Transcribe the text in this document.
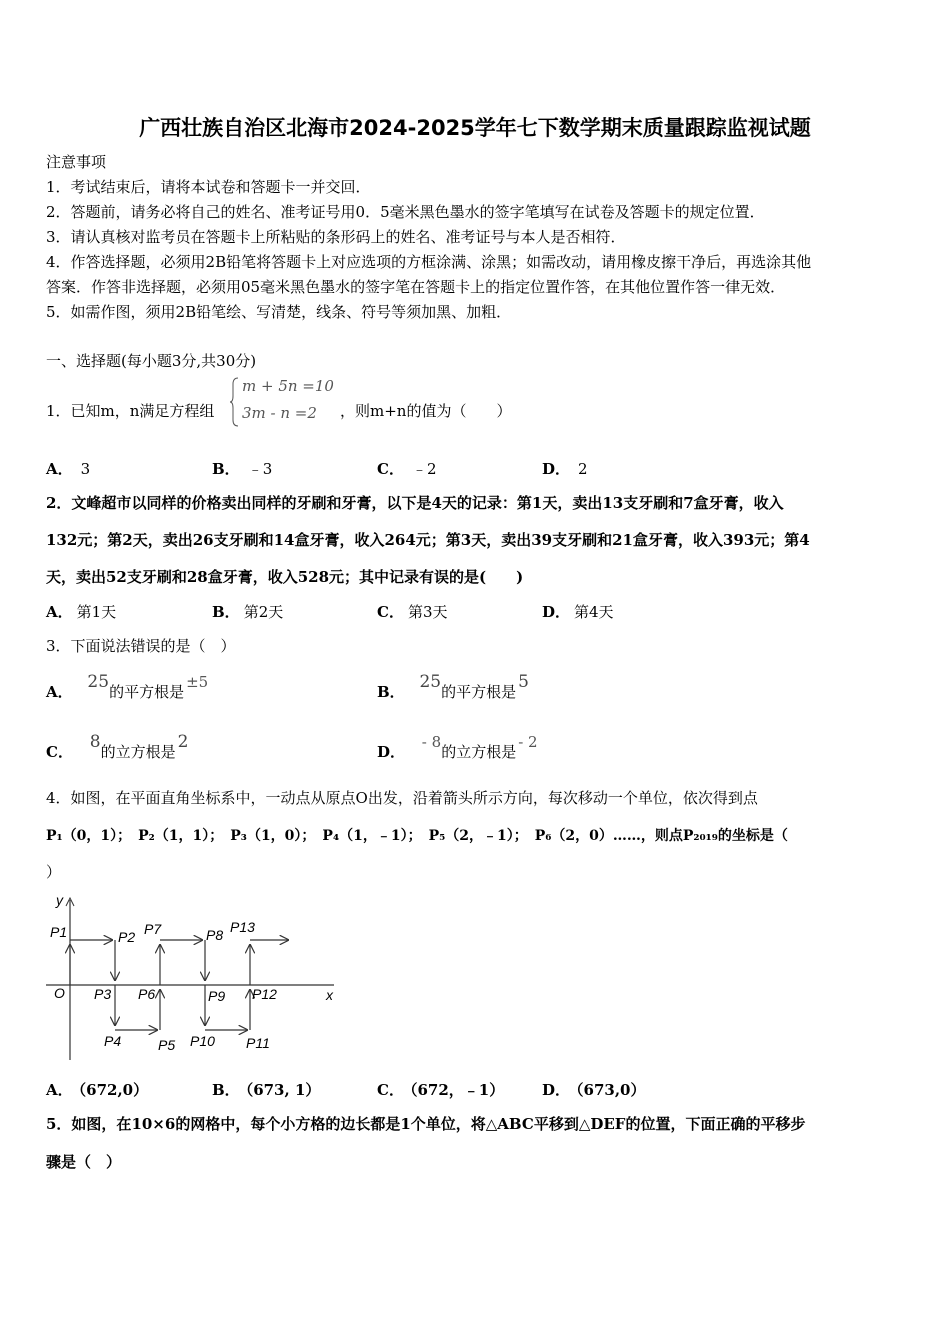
广西壮族自治区北海市2024-2025学年七下数学期末质量跟踪监视试题
注意事项
1．考试结束后，请将本试卷和答题卡一并交回．
2．答题前，请务必将自己的姓名、准考证号用0．5毫米黑色墨水的签字笔填写在试卷及答题卡的规定位置．
3．请认真核对监考员在答题卡上所粘贴的条形码上的姓名、准考证号与本人是否相符．
4．作答选择题，必须用2B铅笔将答题卡上对应选项的方框涂满、涂黑；如需改动，请用橡皮擦干净后，再选涂其他
答案．作答非选择题，必须用05毫米黑色墨水的签字笔在答题卡上的指定位置作答，在其他位置作答一律无效．
5．如需作图，须用2B铅笔绘、写清楚，线条、符号等须加黑、加粗．
一、选择题(每小题3分,共30分)
1．已知m，n满足方程组
m + 5n =10
3m - n =2 ，则m+n的值为（　　）
A． 3	B． ﹣3	C． ﹣2	D． 2
2．文峰超市以同样的价格卖出同样的牙刷和牙膏，以下是4天的记录：第1天，卖出13支牙刷和7盒牙膏，收入
132元；第2天，卖出26支牙刷和14盒牙膏，收入264元；第3天，卖出39支牙刷和21盒牙膏，收入393元；第4
天，卖出52支牙刷和28盒牙膏，收入528元；其中记录有误的是(　　)
A． 第1天	B． 第2天	C． 第3天	D． 第4天
3．下面说法错误的是（　）
A． 25的平方根是±5
B． 25的平方根是 5
C． 8的立方根是 2	D． - 8的立方根是- 2
4．如图，在平面直角坐标系中，一动点从原点O出发，沿着箭头所示方向，每次移动一个单位，依次得到点
P₁（0，1）；　P₂（1，1）；　P₃（1，0）；　P₄（1，﹣1）；　P₅（2，﹣1）；　P₆（2，0）……，则点P₂₀₁₉的坐标是（
）
y
x
O
P1	P2
P3
P4	P5
P6
P7	P8
P9
P10 P11
P12
P13
A． （672,0）	B． （673, 1）	C． （672，﹣1）	D． （673,0）
5．如图，在10×6的网格中，每个小方格的边长都是1个单位，将△ABC平移到△DEF的位置，下面正确的平移步
骤是（　）
